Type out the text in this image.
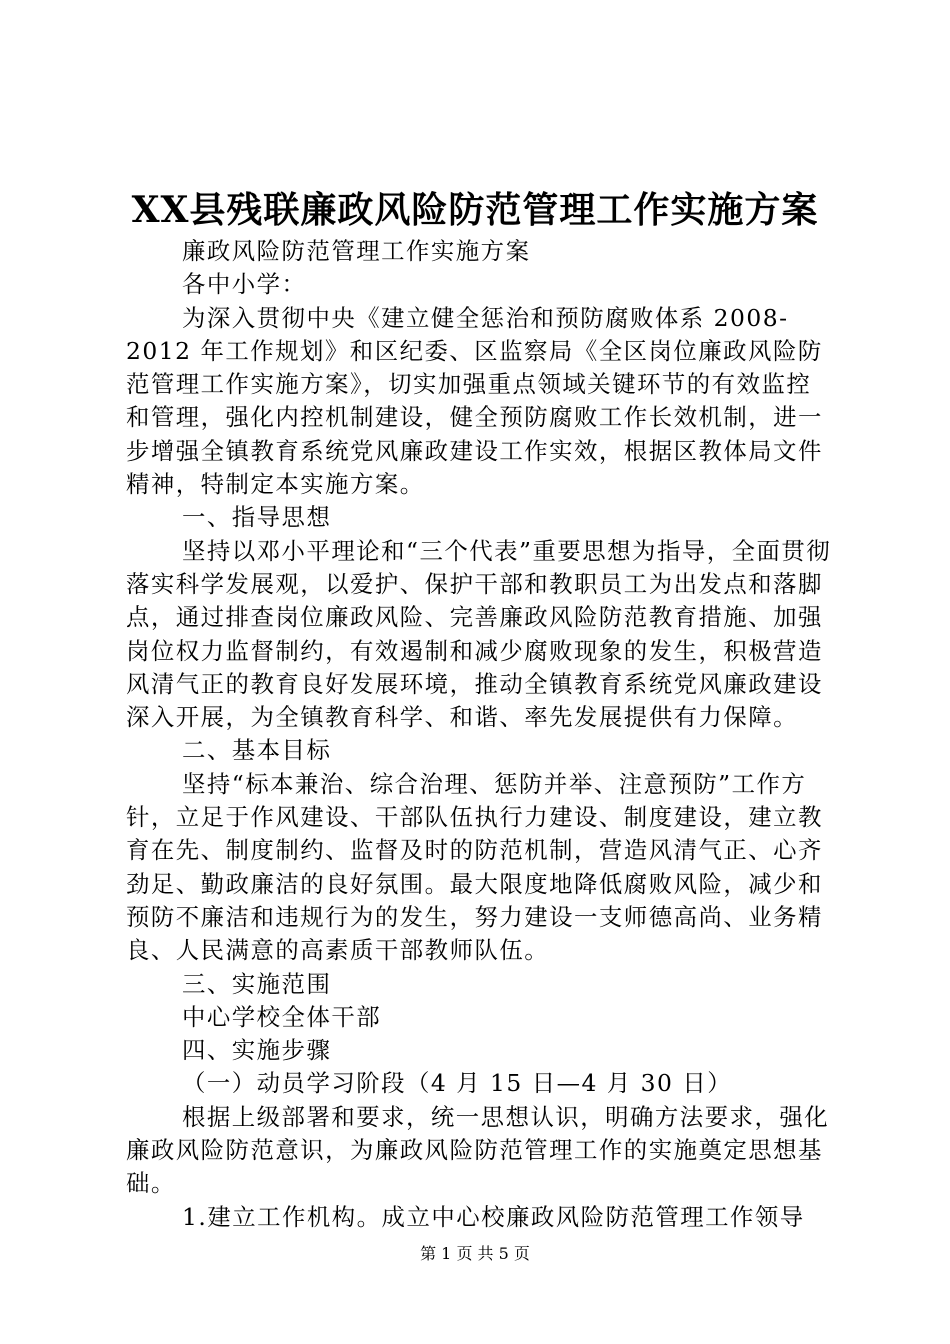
XX县残联廉政风险防范管理工作实施方案

廉政风险防范管理工作实施方案

各中小学：

为深入贯彻中央《建立健全惩治和预防腐败体系 2008-2012 年工作规划》和区纪委、区监察局《全区岗位廉政风险防范管理工作实施方案》，切实加强重点领域关键环节的有效监控和管理，强化内控机制建设，健全预防腐败工作长效机制，进一步增强全镇教育系统党风廉政建设工作实效，根据区教体局文件精神，特制定本实施方案。

一、指导思想

坚持以邓小平理论和“三个代表”重要思想为指导，全面贯彻落实科学发展观，以爱护、保护干部和教职员工为出发点和落脚点，通过排查岗位廉政风险、完善廉政风险防范教育措施、加强岗位权力监督制约，有效遏制和减少腐败现象的发生，积极营造风清气正的教育良好发展环境，推动全镇教育系统党风廉政建设深入开展，为全镇教育科学、和谐、率先发展提供有力保障。

二、基本目标

坚持“标本兼治、综合治理、惩防并举、注意预防”工作方针，立足于作风建设、干部队伍执行力建设、制度建设，建立教育在先、制度制约、监督及时的防范机制，营造风清气正、心齐劲足、勤政廉洁的良好氛围。最大限度地降低腐败风险，减少和预防不廉洁和违规行为的发生，努力建设一支师德高尚、业务精良、人民满意的高素质干部教师队伍。

三、实施范围

中心学校全体干部

四、实施步骤

（一）动员学习阶段（4 月 15 日—4 月 30 日）

根据上级部署和要求，统一思想认识，明确方法要求，强化廉政风险防范意识，为廉政风险防范管理工作的实施奠定思想基础。

1.建立工作机构。成立中心校廉政风险防范管理工作领导

第 1 页 共 5 页
